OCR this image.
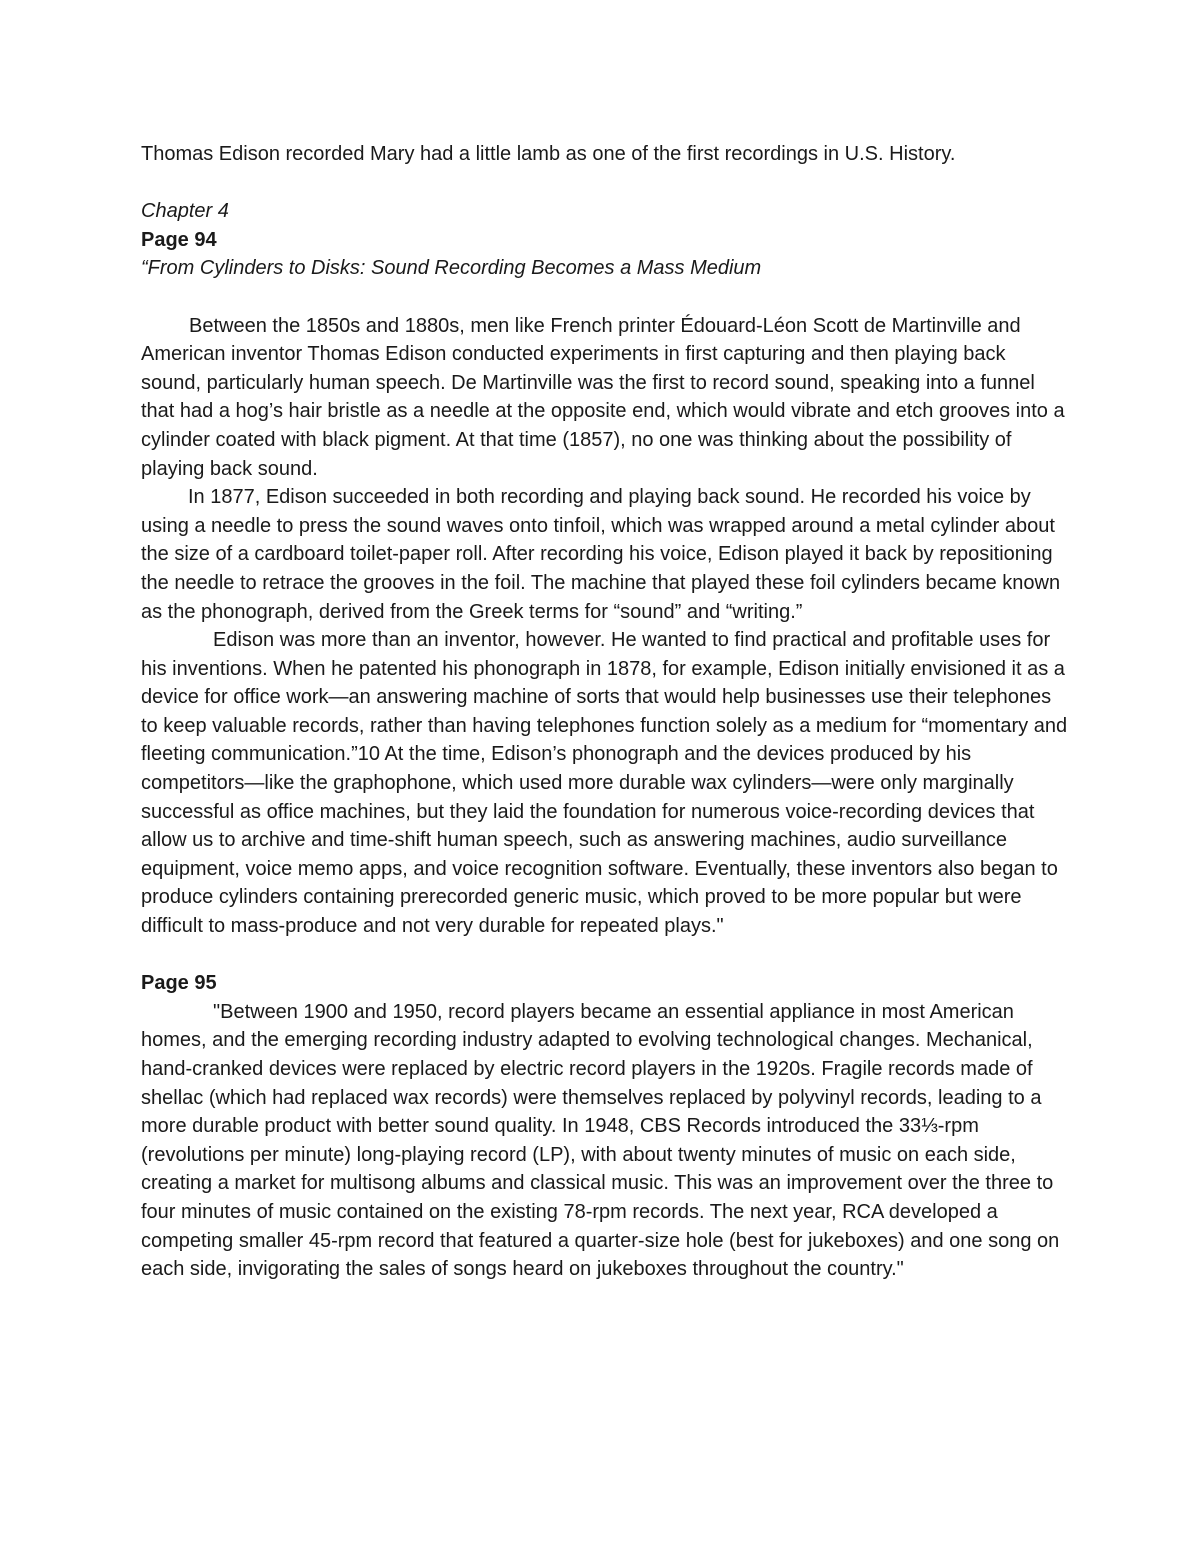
Thomas Edison recorded Mary had a little lamb as one of the first recordings in U.S. History.

Chapter 4

Page 94

“From Cylinders to Disks: Sound Recording Becomes a Mass Medium

Between the 1850s and 1880s, men like French printer Édouard-Léon Scott de Martinville and American inventor Thomas Edison conducted experiments in first capturing and then playing back sound, particularly human speech. De Martinville was the first to record sound, speaking into a funnel that had a hog’s hair bristle as a needle at the opposite end, which would vibrate and etch grooves into a cylinder coated with black pigment. At that time (1857), no one was thinking about the possibility of playing back sound.

In 1877, Edison succeeded in both recording and playing back sound. He recorded his voice by using a needle to press the sound waves onto tinfoil, which was wrapped around a metal cylinder about the size of a cardboard toilet-paper roll. After recording his voice, Edison played it back by repositioning the needle to retrace the grooves in the foil. The machine that played these foil cylinders became known as the phonograph, derived from the Greek terms for “sound” and “writing.”

Edison was more than an inventor, however. He wanted to find practical and profitable uses for his inventions. When he patented his phonograph in 1878, for example, Edison initially envisioned it as a device for office work—an answering machine of sorts that would help businesses use their telephones to keep valuable records, rather than having telephones function solely as a medium for “momentary and fleeting communication.”10 At the time, Edison’s phonograph and the devices produced by his competitors—like the graphophone, which used more durable wax cylinders—were only marginally successful as office machines, but they laid the foundation for numerous voice-recording devices that allow us to archive and time-shift human speech, such as answering machines, audio surveillance equipment, voice memo apps, and voice recognition software. Eventually, these inventors also began to produce cylinders containing prerecorded generic music, which proved to be more popular but were difficult to mass-produce and not very durable for repeated plays."

Page 95

"Between 1900 and 1950, record players became an essential appliance in most American homes, and the emerging recording industry adapted to evolving technological changes. Mechanical, hand-cranked devices were replaced by electric record players in the 1920s. Fragile records made of shellac (which had replaced wax records) were themselves replaced by polyvinyl records, leading to a more durable product with better sound quality. In 1948, CBS Records introduced the 33⅓-rpm (revolutions per minute) long-playing record (LP), with about twenty minutes of music on each side, creating a market for multisong albums and classical music. This was an improvement over the three to four minutes of music contained on the existing 78-rpm records. The next year, RCA developed a competing smaller 45-rpm record that featured a quarter-size hole (best for jukeboxes) and one song on each side, invigorating the sales of songs heard on jukeboxes throughout the country."
